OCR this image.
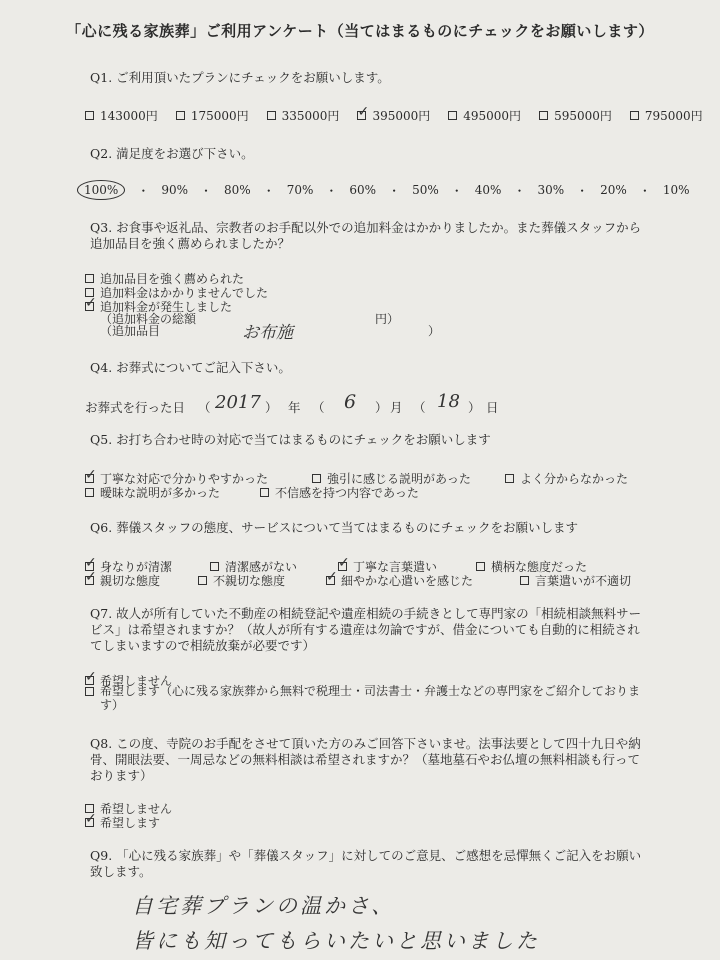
「心に残る家族葬」ご利用アンケート（当てはまるものにチェックをお願いします）
Q1. ご利用頂いたプランにチェックをお願いします。
143000円	175000円	335000円 ✓	395000円	495000円	595000円	795000円
Q2. 満足度をお選び下さい。
100%	・ 90% ・ 80% ・ 70% ・ 60% ・ 50% ・ 40% ・ 30% ・ 20% ・ 10%
Q3. お食事や返礼品、宗教者のお手配以外での追加料金はかかりましたか。また葬儀スタッフから追加品目を強く薦められましたか？
追加品目を強く薦められた
追加料金はかかりませんでした
✓
追加料金が発生しました
（追加料金の総額	円）
（追加品目	お布施	）
Q4. お葬式についてご記入下さい。
お葬式を行った日 （ 2017 ） 年 （ 6 ） 月 （ 18 ） 日
Q5. お打ち合わせ時の対応で当てはまるものにチェックをお願いします
✓
丁寧な対応で分かりやすかった	強引に感じる説明があった	よく分からなかった
曖昧な説明が多かった	不信感を持つ内容であった
Q6. 葬儀スタッフの態度、サービスについて当てはまるものにチェックをお願いします
✓
身なりが清潔	清潔感がない ✓	丁寧な言葉遣い	横柄な態度だった
✓
親切な態度	不親切な態度 ✓	細やかな心遣いを感じた	言葉遣いが不適切
Q7. 故人が所有していた不動産の相続登記や遺産相続の手続きとして専門家の「相続相談無料サービス」は希望されますか？（故人が所有する遺産は勿論ですが、借金についても自動的に相続されてしまいますので相続放棄が必要です）
✓
希望しません
希望します（心に残る家族葬から無料で税理士・司法書士・弁護士などの専門家をご紹介しております）
Q8. この度、寺院のお手配をさせて頂いた方のみご回答下さいませ。法事法要として四十九日や納骨、開眼法要、一周忌などの無料相談は希望されますか？（墓地墓石やお仏壇の無料相談も行っております）
希望しません
✓
希望します
Q9. 「心に残る家族葬」や「葬儀スタッフ」に対してのご意見、ご感想を忌憚無くご記入をお願い致します。
自宅葬プランの温かさ、
皆にも知ってもらいたいと思いました
